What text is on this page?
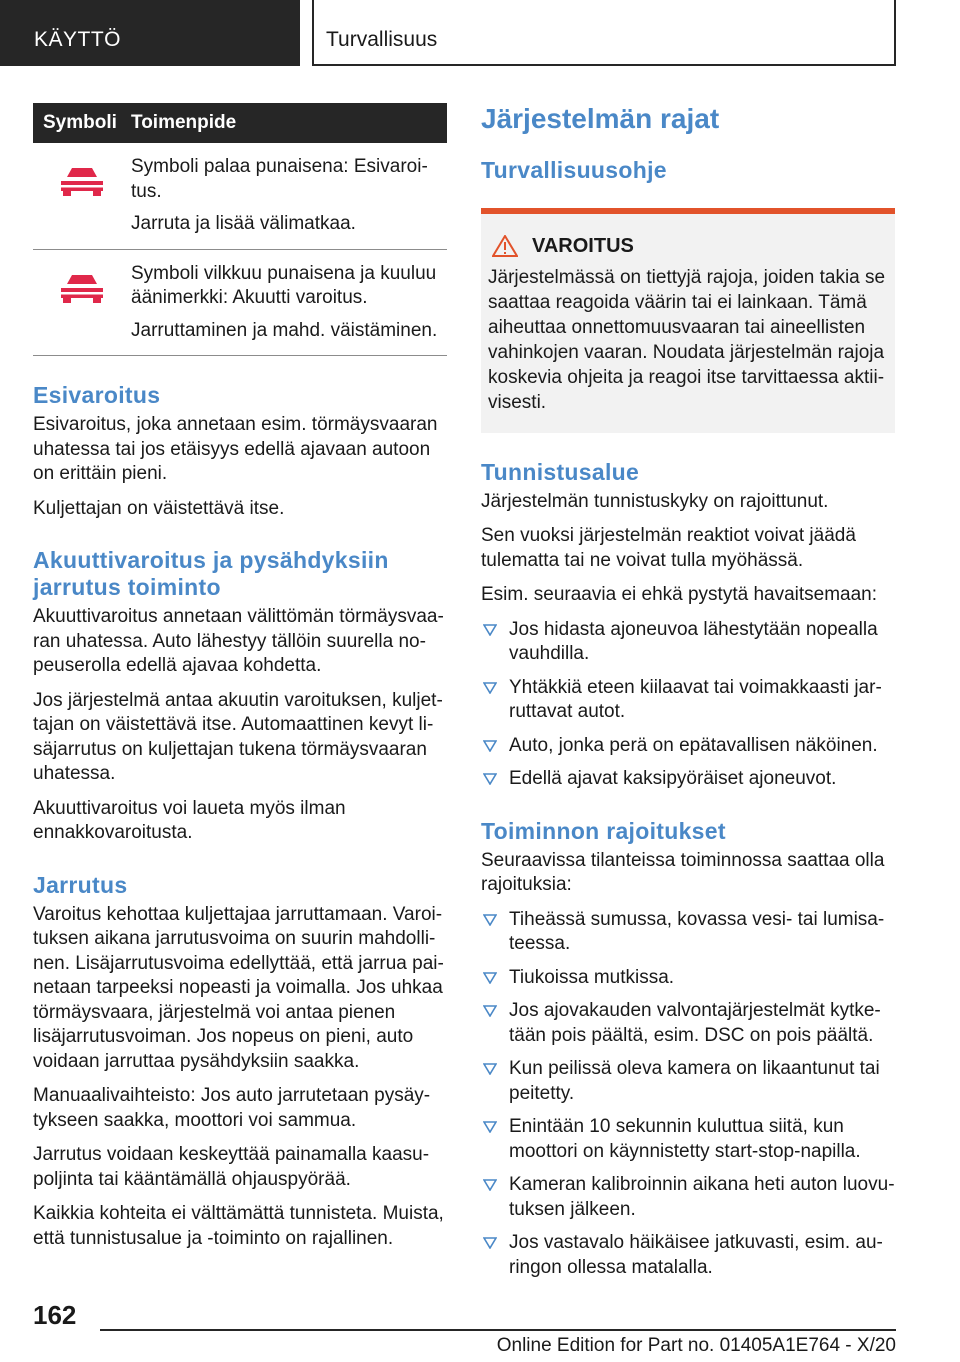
KÄYTTÖ	Turvallisuus
Symboli Toimenpide

Symboli palaa punaisena: Esivaroitus.

Jarruta ja lisää välimatkaa.

Symboli vilkkuu punaisena ja kuuluu äänimerkki: Akuutti varoitus.

Jarruttaminen ja mahd. väistäminen.

Esivaroitus

Esivaroitus, joka annetaan esim. törmäysvaaran uhatessa tai jos etäisyys edellä ajavaan autoon on erittäin pieni.

Kuljettajan on väistettävä itse.

Akuuttivaroitus ja pysähdyksiin jarrutus toiminto

Akuuttivaroitus annetaan välittömän törmäysvaaran uhatessa. Auto lähestyy tällöin suurella nopeuserolla edellä ajavaa kohdetta.

Jos järjestelmä antaa akuutin varoituksen, kuljettajan on väistettävä itse. Automaattinen kevyt lisäjarrutus on kuljettajan tukena törmäysvaaran uhatessa.

Akuuttivaroitus voi laueta myös ilman ennakkovaroitusta.

Jarrutus

Varoitus kehottaa kuljettajaa jarruttamaan. Varoituksen aikana jarrutusvoima on suurin mahdollinen. Lisäjarrutusvoima edellyttää, että jarrua painetaan tarpeeksi nopeasti ja voimalla. Jos uhkaa törmäysvaara, järjestelmä voi antaa pienen lisäjarrutusvoiman. Jos nopeus on pieni, auto voidaan jarruttaa pysähdyksiin saakka.

Manuaalivaihteisto: Jos auto jarrutetaan pysäytykseen saakka, moottori voi sammua.

Jarrutus voidaan keskeyttää painamalla kaasupoljinta tai kääntämällä ohjauspyörää.

Kaikkia kohteita ei välttämättä tunnisteta. Muista, että tunnistusalue ja -toiminto on rajallinen.

Järjestelmän rajat
Turvallisuusohje
VAROITUS

Järjestelmässä on tiettyjä rajoja, joiden takia se saattaa reagoida väärin tai ei lainkaan. Tämä aiheuttaa onnettomuusvaaran tai aineellisten vahinkojen vaaran. Noudata järjestelmän rajoja koskevia ohjeita ja reagoi itse tarvittaessa aktiivisesti.

Tunnistusalue

Järjestelmän tunnistuskyky on rajoittunut.

Sen vuoksi järjestelmän reaktiot voivat jäädä tulematta tai ne voivat tulla myöhässä.

Esim. seuraavia ei ehkä pystytä havaitsemaan:

Jos hidasta ajoneuvoa lähestytään nopealla vauhdilla.
Yhtäkkiä eteen kiilaavat tai voimakkaasti jarruttavat autot.
Auto, jonka perä on epätavallisen näköinen.
Edellä ajavat kaksipyöräiset ajoneuvot.
Toiminnon rajoitukset

Seuraavissa tilanteissa toiminnossa saattaa olla rajoituksia:

Tiheässä sumussa, kovassa vesi- tai lumisateessa.
Tiukoissa mutkissa.
Jos ajovakauden valvontajärjestelmät kytketään pois päältä, esim. DSC on pois päältä.
Kun peilissä oleva kamera on likaantunut tai peitetty.
Enintään 10 sekunnin kuluttua siitä, kun moottori on käynnistetty start-stop-napilla.
Kameran kalibroinnin aikana heti auton luovutuksen jälkeen.
Jos vastavalo häikäisee jatkuvasti, esim. auringon ollessa matalalla.
162
Online Edition for Part no. 01405A1E764 - X/20
